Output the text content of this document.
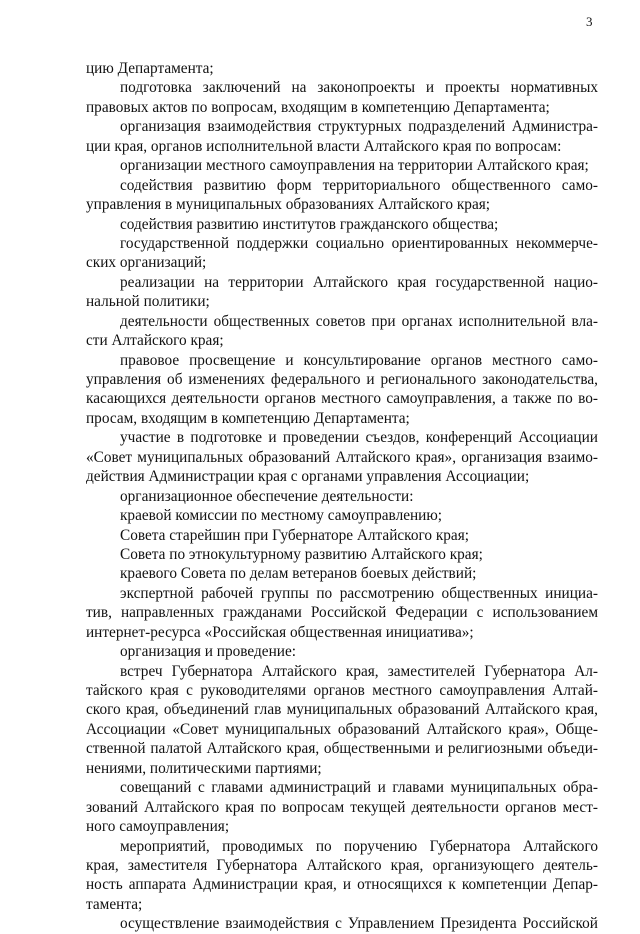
3
цию Департамента;
подготовка заключений на законопроекты и проекты нормативных
правовых актов по вопросам, входящим в компетенцию Департамента;
организация взаимодействия структурных подразделений Администра-
ции края, органов исполнительной власти Алтайского края по вопросам:
организации местного самоуправления на территории Алтайского края;
содействия развитию форм территориального общественного само-
управления в муниципальных образованиях Алтайского края;
содействия развитию институтов гражданского общества;
государственной поддержки социально ориентированных некоммерче-
ских организаций;
реализации на территории Алтайского края государственной нацио-
нальной политики;
деятельности общественных советов при органах исполнительной вла-
сти Алтайского края;
правовое просвещение и консультирование органов местного само-
управления об изменениях федерального и регионального законодательства,
касающихся деятельности органов местного самоуправления, а также по во-
просам, входящим в компетенцию Департамента;
участие в подготовке и проведении съездов, конференций Ассоциации
«Совет муниципальных образований Алтайского края», организация взаимо-
действия Администрации края с органами управления Ассоциации;
организационное обеспечение деятельности:
краевой комиссии по местному самоуправлению;
Совета старейшин при Губернаторе Алтайского края;
Совета по этнокультурному развитию Алтайского края;
краевого Совета по делам ветеранов боевых действий;
экспертной рабочей группы по рассмотрению общественных инициа-
тив, направленных гражданами Российской Федерации с использованием
интернет-ресурса «Российская общественная инициатива»;
организация и проведение:
встреч Губернатора Алтайского края, заместителей Губернатора Ал-
тайского края с руководителями органов местного самоуправления Алтай-
ского края, объединений глав муниципальных образований Алтайского края,
Ассоциации «Совет муниципальных образований Алтайского края», Обще-
ственной палатой Алтайского края, общественными и религиозными объеди-
нениями, политическими партиями;
совещаний с главами администраций и главами муниципальных обра-
зований Алтайского края по вопросам текущей деятельности органов мест-
ного самоуправления;
мероприятий, проводимых по поручению Губернатора Алтайского
края, заместителя Губернатора Алтайского края, организующего деятель-
ность аппарата Администрации края, и относящихся к компетенции Депар-
тамента;
осуществление взаимодействия с Управлением Президента Российской
